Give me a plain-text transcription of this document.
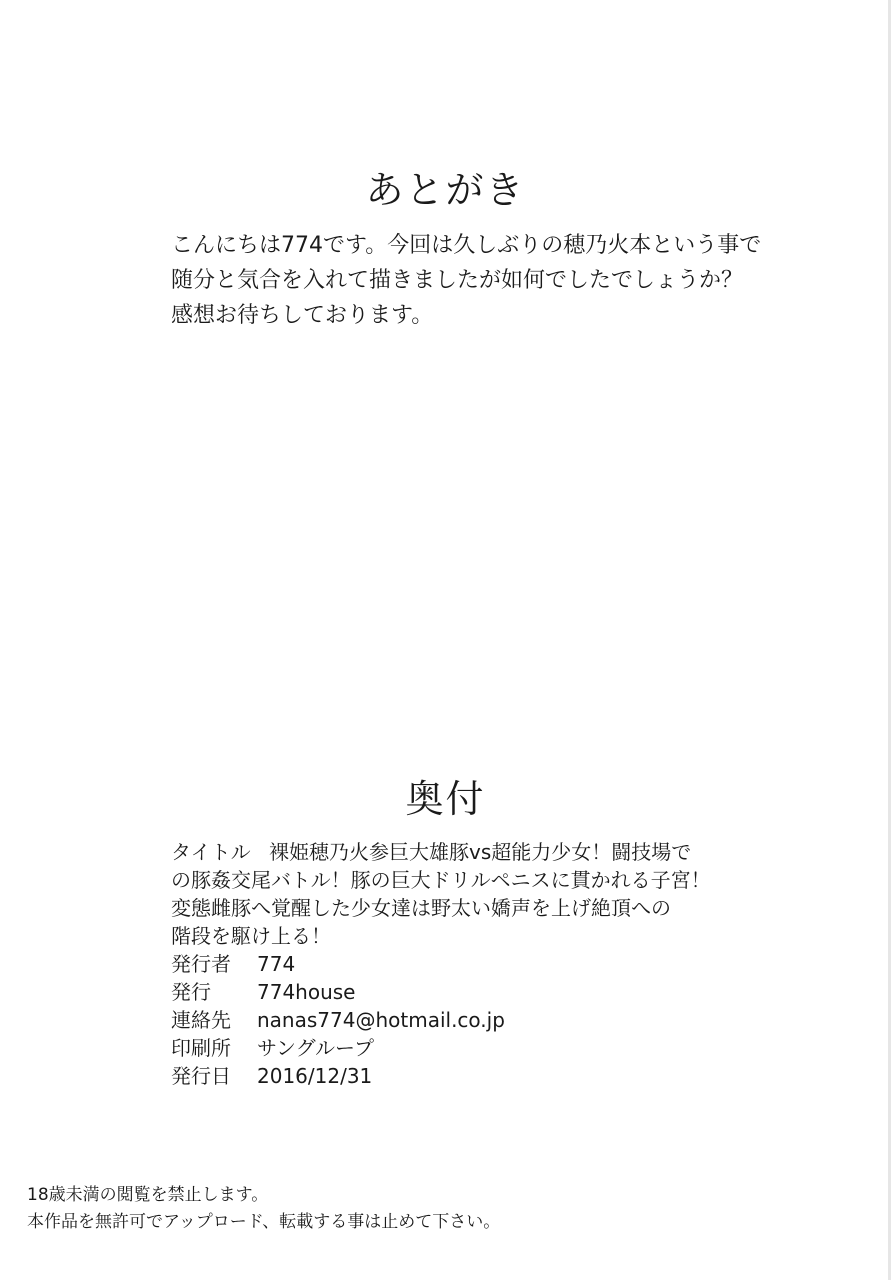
あとがき
こんにちは774です。今回は久しぶりの穂乃火本という事で
随分と気合を入れて描きましたが如何でしたでしょうか？
感想お待ちしております。
奥付
タイトル 裸姫穂乃火参巨大雄豚vs超能力少女！闘技場で
の豚姦交尾バトル！豚の巨大ドリルペニスに貫かれる子宮！
変態雌豚へ覚醒した少女達は野太い嬌声を上げ絶頂への
階段を駆け上る！
発行者	774
発行	774house
連絡先	nanas774@hotmail.co.jp
印刷所	サングループ
発行日	2016/12/31
18歳未満の閲覧を禁止します。
本作品を無許可でアップロード、転載する事は止めて下さい。
